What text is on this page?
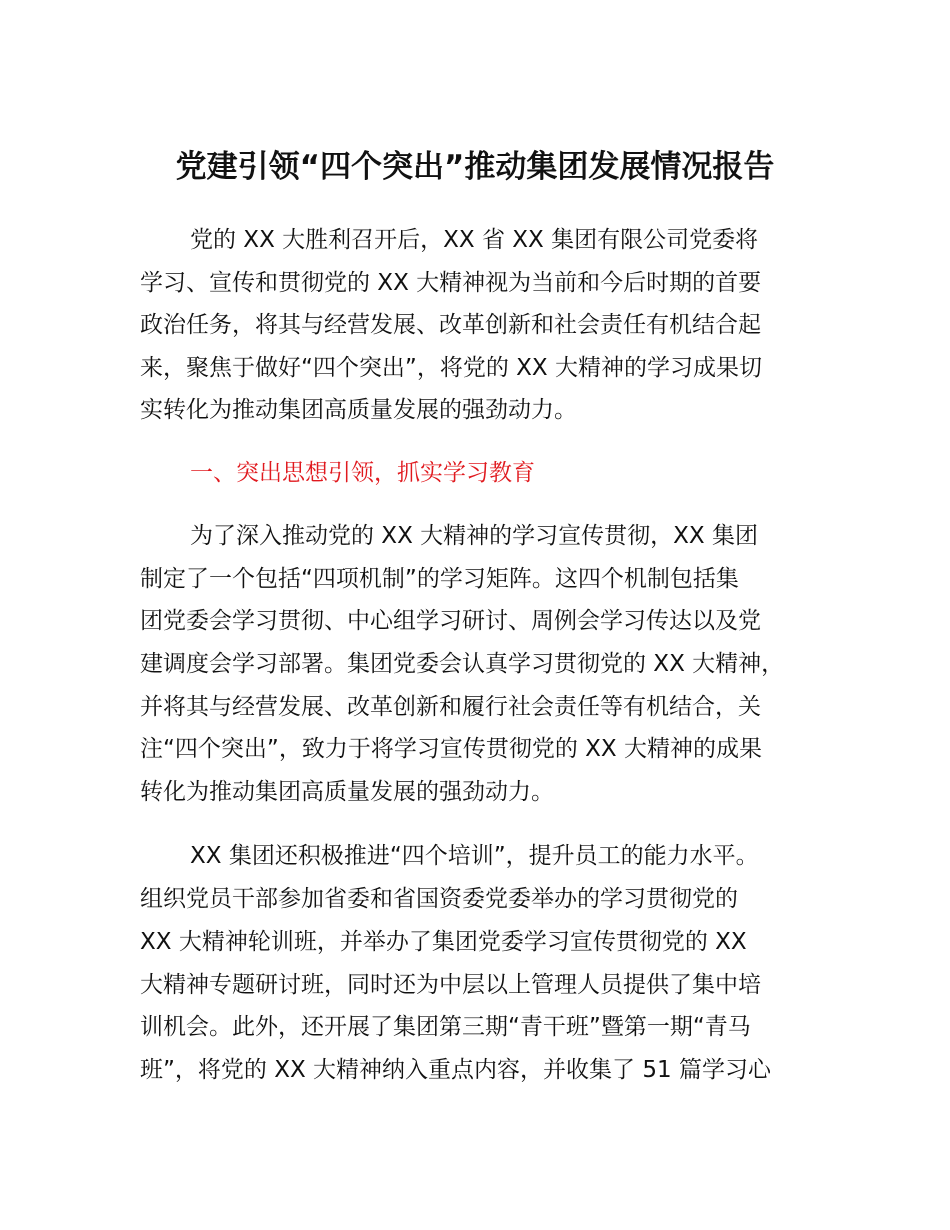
党建引领“四个突出”推动集团发展情况报告
党的 XX 大胜利召开后，XX 省 XX 集团有限公司党委将
学习、宣传和贯彻党的 XX 大精神视为当前和今后时期的首要
政治任务，将其与经营发展、改革创新和社会责任有机结合起
来，聚焦于做好“四个突出”，将党的 XX 大精神的学习成果切
实转化为推动集团高质量发展的强劲动力。
一、突出思想引领，抓实学习教育
为了深入推动党的 XX 大精神的学习宣传贯彻，XX 集团
制定了一个包括“四项机制”的学习矩阵。这四个机制包括集
团党委会学习贯彻、中心组学习研讨、周例会学习传达以及党
建调度会学习部署。集团党委会认真学习贯彻党的 XX 大精神，
并将其与经营发展、改革创新和履行社会责任等有机结合，关
注“四个突出”，致力于将学习宣传贯彻党的 XX 大精神的成果
转化为推动集团高质量发展的强劲动力。
XX 集团还积极推进“四个培训”，提升员工的能力水平。
组织党员干部参加省委和省国资委党委举办的学习贯彻党的
XX 大精神轮训班，并举办了集团党委学习宣传贯彻党的 XX
大精神专题研讨班，同时还为中层以上管理人员提供了集中培
训机会。此外，还开展了集团第三期“青干班”暨第一期“青马
班”，将党的 XX 大精神纳入重点内容，并收集了 51 篇学习心
